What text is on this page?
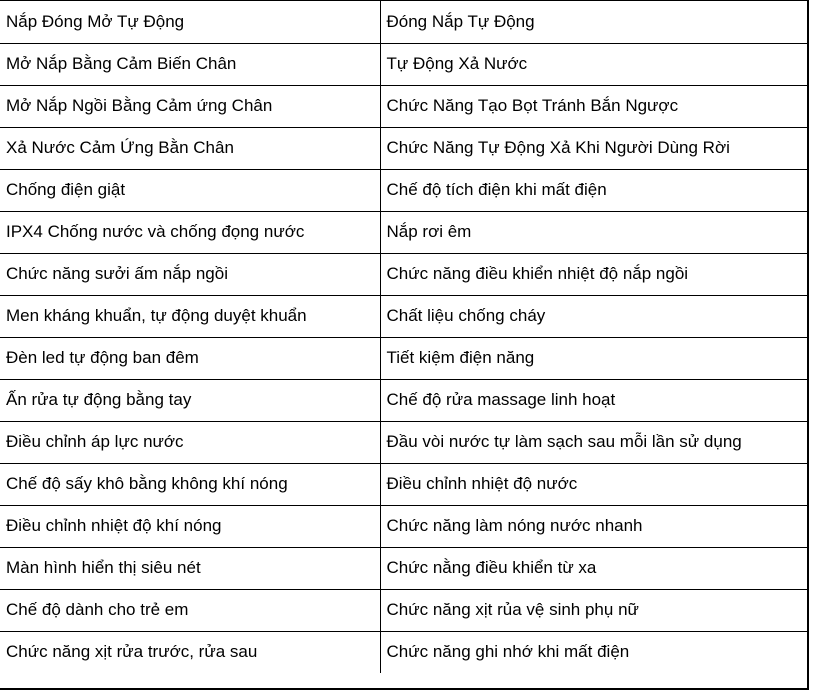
Nắp Đóng Mở Tự Động	Đóng Nắp Tự Động
Mở Nắp Bằng Cảm Biến Chân	Tự Động Xả Nước
Mở Nắp Ngồi Bằng Cảm ứng Chân	Chức Năng Tạo Bọt Tránh Bắn Ngược
Xả Nước Cảm Ứng Bằn Chân	Chức Năng Tự Động Xả Khi Người Dùng Rời
Chống điện giật	Chế độ tích điện khi mất điện
IPX4 Chống nước và chống đọng nước	Nắp rơi êm
Chức năng sưởi ấm nắp ngồi	Chức năng điều khiển nhiệt độ nắp ngồi
Men kháng khuẩn, tự động duyệt khuẩn	Chất liệu chống cháy
Đèn led tự động ban đêm	Tiết kiệm điện năng
Ấn rửa tự động bằng tay	Chế độ rửa massage linh hoạt
Điều chỉnh áp lực nước	Đầu vòi nước tự làm sạch sau mỗi lần sử dụng
Chế độ sấy khô bằng không khí nóng	Điều chỉnh nhiệt độ nước
Điều chỉnh nhiệt độ khí nóng	Chức năng làm nóng nước nhanh
Màn hình hiển thị siêu nét	Chức nằng điều khiển từ xa
Chế độ dành cho trẻ em	Chức năng xịt rủa vệ sinh phụ nữ
Chức năng xịt rửa trước, rửa sau	Chức năng ghi nhớ khi mất điện
